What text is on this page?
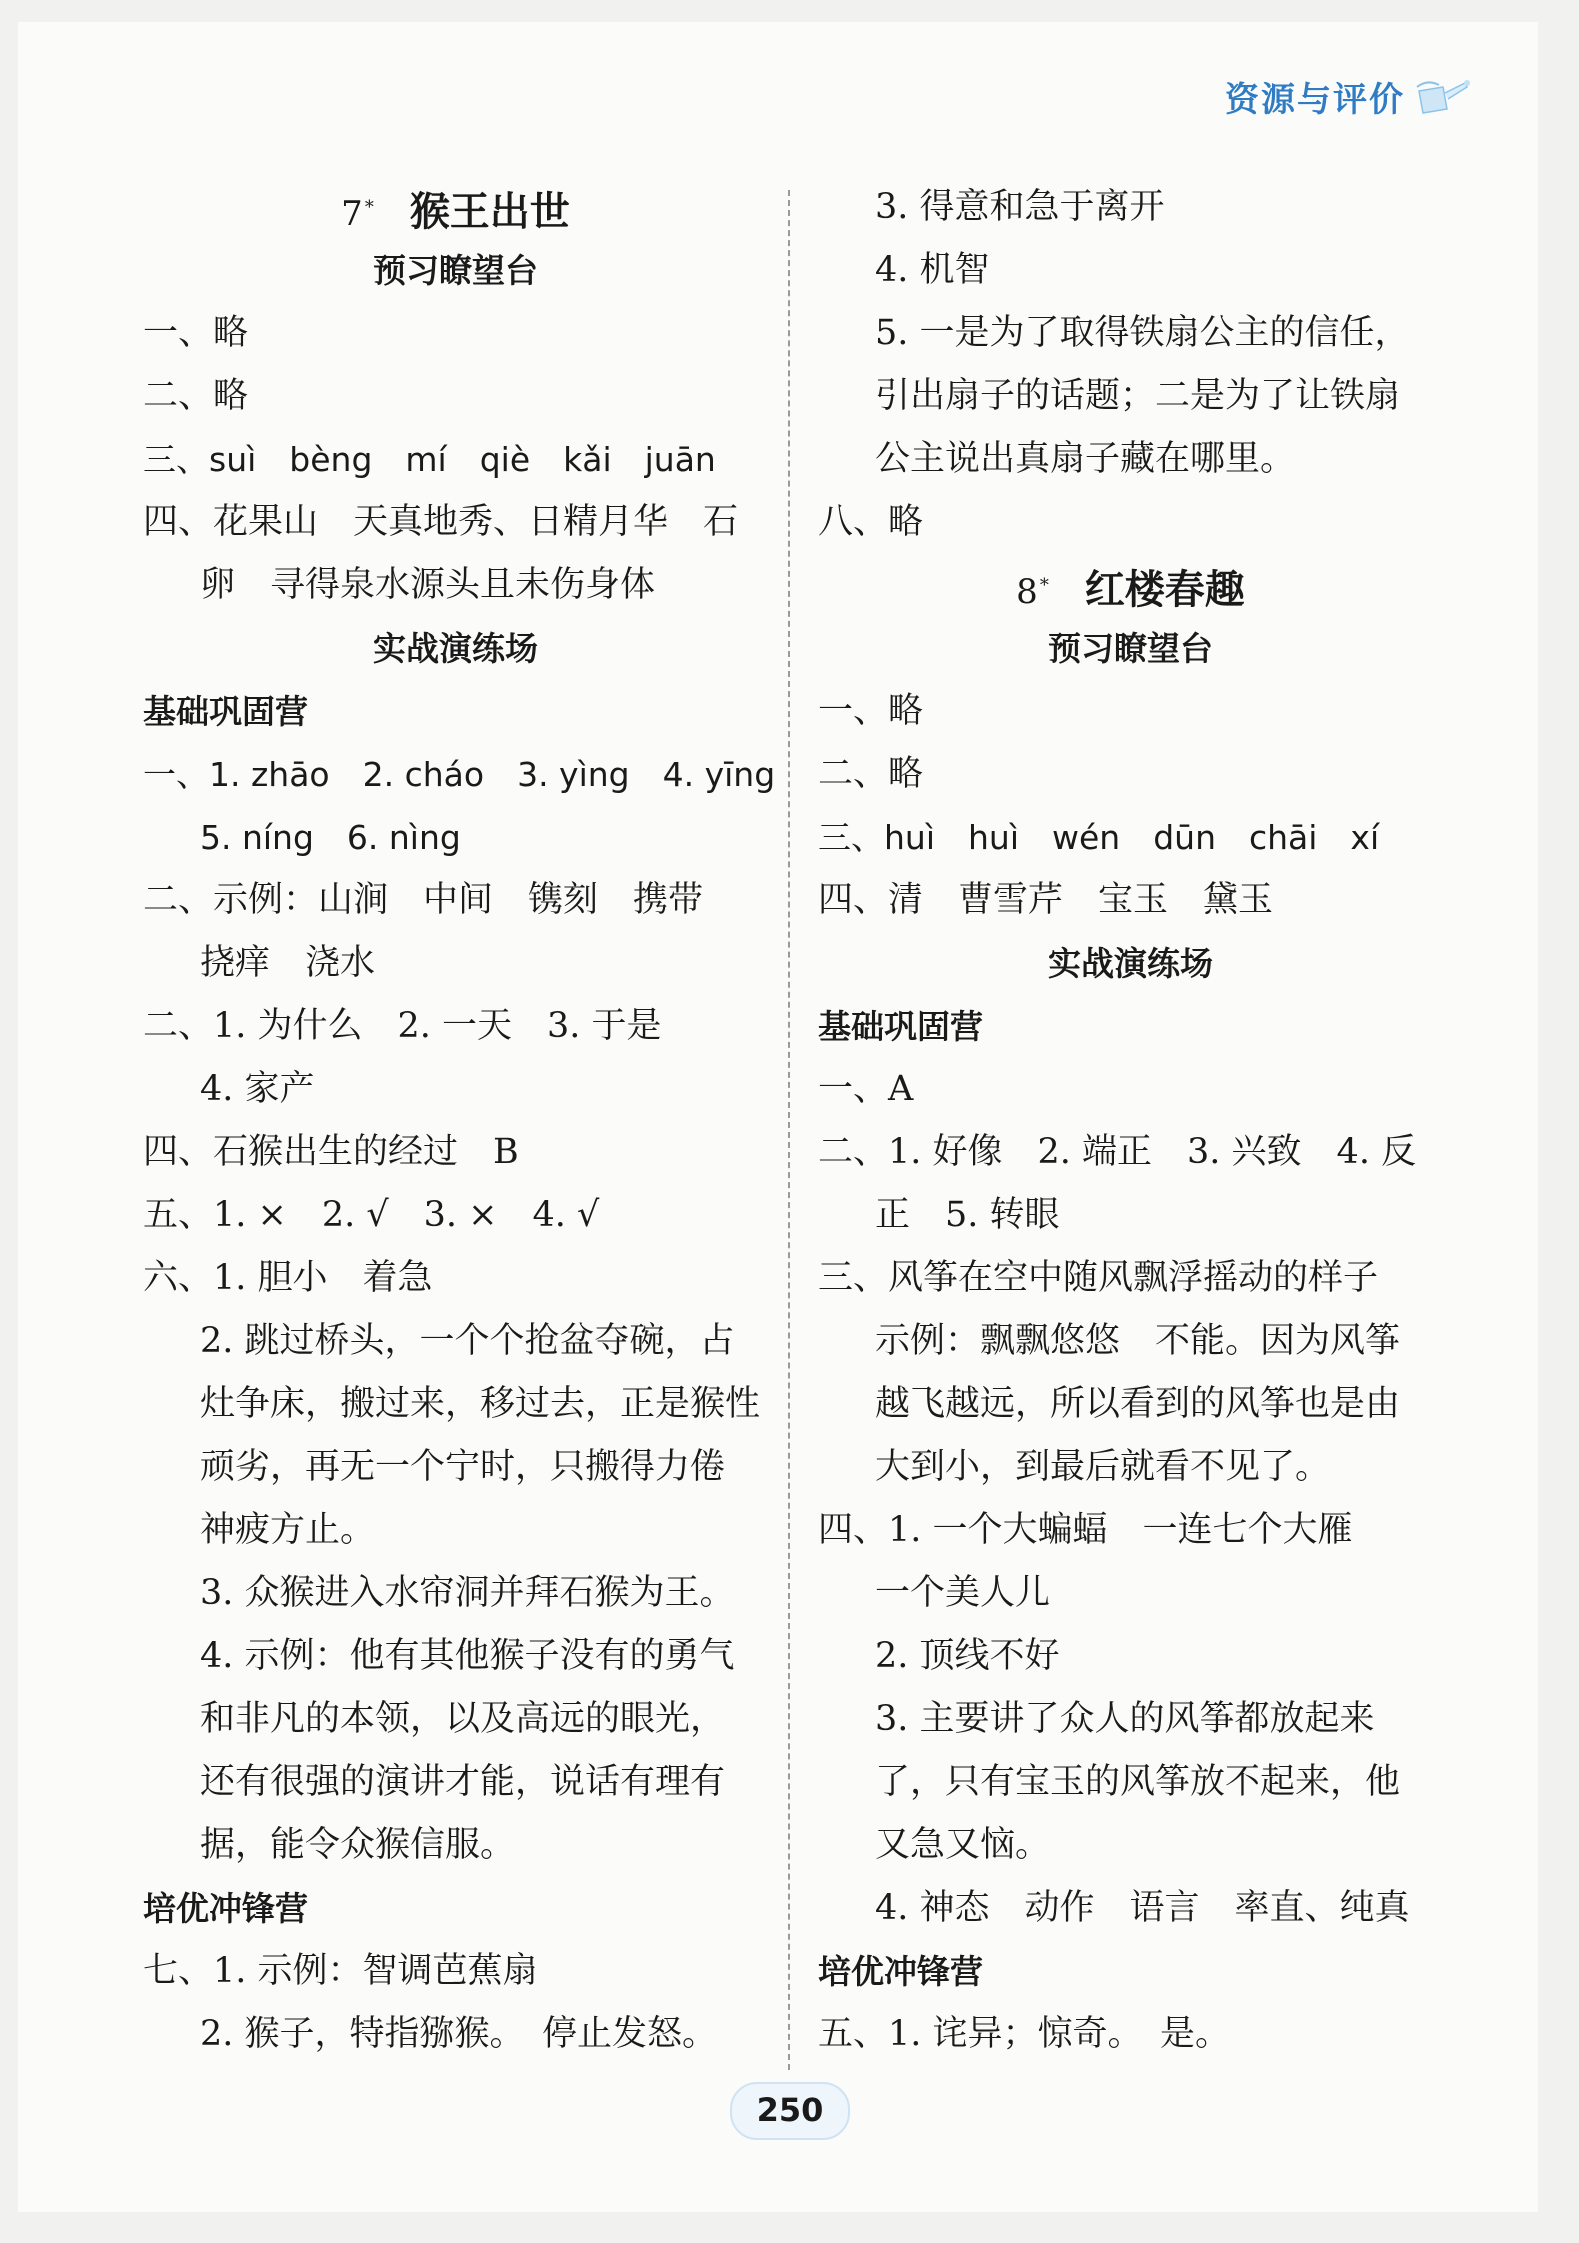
资源与评价
7 * 猴王出世
预习瞭望台
一、略
二、略
三、suì　bèng　mí　qiè　kǎi　juān
四、花果山　天真地秀、日精月华　石
卵　寻得泉水源头且未伤身体
实战演练场
基础巩固营
一、1. zhāo　2. cháo　3. yìng　4. yīng
5. níng　6. nìng
二、示例：山涧　中间　镌刻　携带
挠痒　浇水
二、1. 为什么　2. 一天　3. 于是
4. 家产
四、石猴出生的经过　B
五、1. ×　2. √　3. ×　4. √
六、1. 胆小　着急
2. 跳过桥头，一个个抢盆夺碗，占
灶争床，搬过来，移过去，正是猴性
顽劣，再无一个宁时，只搬得力倦
神疲方止。
3. 众猴进入水帘洞并拜石猴为王。
4. 示例：他有其他猴子没有的勇气
和非凡的本领，以及高远的眼光，
还有很强的演讲才能，说话有理有
据，能令众猴信服。
培优冲锋营
七、1. 示例：智调芭蕉扇
2. 猴子，特指猕猴。　停止发怒。
3. 得意和急于离开
4. 机智
5. 一是为了取得铁扇公主的信任，
引出扇子的话题；二是为了让铁扇
公主说出真扇子藏在哪里。
八、略
8 * 红楼春趣
预习瞭望台
一、略
二、略
三、huì　huì　wén　dūn　chāi　xí
四、清　曹雪芹　宝玉　黛玉
实战演练场
基础巩固营
一、A
二、1. 好像　2. 端正　3. 兴致　4. 反
正　5. 转眼
三、风筝在空中随风飘浮摇动的样子
示例：飘飘悠悠　不能。因为风筝
越飞越远，所以看到的风筝也是由
大到小，到最后就看不见了。
四、1. 一个大蝙蝠　一连七个大雁
一个美人儿
2. 顶线不好
3. 主要讲了众人的风筝都放起来
了，只有宝玉的风筝放不起来，他
又急又恼。
4. 神态　动作　语言　率直、纯真
培优冲锋营
五、1. 诧异；惊奇。　是。
250
